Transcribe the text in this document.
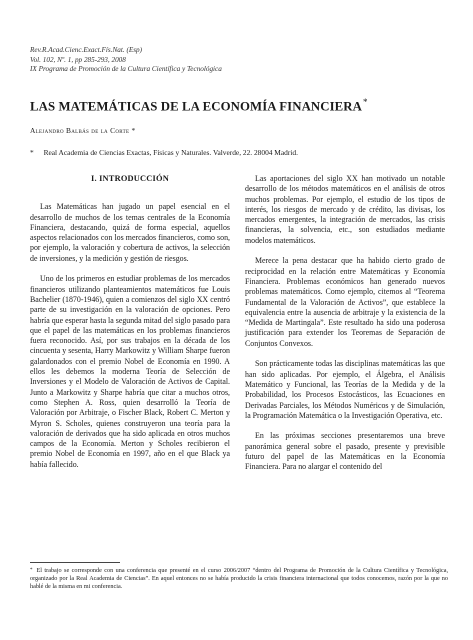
Rev.R.Acad.Cienc.Exact.Fís.Nat. (Esp)
Vol. 102, Nº. 1, pp 285-293, 2008
IX Programa de Promoción de la Cultura Científica y Tecnológica
LAS MATEMÁTICAS DE LA ECONOMÍA FINANCIERA*
Alejandro Balbás de la Corte *
* Real Academia de Ciencias Exactas, Físicas y Naturales. Valverde, 22. 28004 Madrid.
I. INTRODUCCIÓN

Las Matemáticas han jugado un papel esencial en el desarrollo de muchos de los temas centrales de la Economía Financiera, destacando, quizá de forma especial, aquellos aspectos relacionados con los mercados financieros, como son, por ejemplo, la valoración y cobertura de activos, la selección de inversiones, y la medición y gestión de riesgos.

Uno de los primeros en estudiar problemas de los mercados financieros utilizando planteamientos matemáticos fue Louis Bachelier (1870-1946), quien a comienzos del siglo XX centró parte de su investigación en la valoración de opciones. Pero habría que esperar hasta la segunda mitad del siglo pasado para que el papel de las matemáticas en los problemas financieros fuera reconocido. Así, por sus trabajos en la década de los cincuenta y sesenta, Harry Markowitz y William Sharpe fueron galardonados con el premio Nobel de Economía en 1990. A ellos les debemos la moderna Teoría de Selección de Inversiones y el Modelo de Valoración de Activos de Capital. Junto a Markowitz y Sharpe habría que citar a muchos otros, como Stephen A. Ross, quien desarrolló la Teoría de Valoración por Arbitraje, o Fischer Black, Robert C. Merton y Myron S. Scholes, quienes construyeron una teoría para la valoración de derivados que ha sido aplicada en otros muchos campos de la Economía. Merton y Scholes recibieron el premio Nobel de Economía en 1997, año en el que Black ya había fallecido.

Las aportaciones del siglo XX han motivado un notable desarrollo de los métodos matemáticos en el análisis de otros muchos problemas. Por ejemplo, el estudio de los tipos de interés, los riesgos de mercado y de crédito, las divisas, los mercados emergentes, la integración de mercados, las crisis financieras, la solvencia, etc., son estudiados mediante modelos matemáticos.

Merece la pena destacar que ha habido cierto grado de reciprocidad en la relación entre Matemáticas y Economía Financiera. Problemas económicos han generado nuevos problemas matemáticos. Como ejemplo, citemos al “Teorema Fundamental de la Valoración de Activos”, que establece la equivalencia entre la ausencia de arbitraje y la existencia de la “Medida de Martingala”. Este resultado ha sido una poderosa justificación para extender los Teoremas de Separación de Conjuntos Convexos.

Son prácticamente todas las disciplinas matemáticas las que han sido aplicadas. Por ejemplo, el Álgebra, el Análisis Matemático y Funcional, las Teorías de la Medida y de la Probabilidad, los Procesos Estocásticos, las Ecuaciones en Derivadas Parciales, los Métodos Numéricos y de Simulación, la Programación Matemática o la Investigación Operativa, etc.

En las próximas secciones presentaremos una breve panorámica general sobre el pasado, presente y previsible futuro del papel de las Matemáticas en la Economía Financiera. Para no alargar el contenido del

* El trabajo se corresponde con una conferencia que presenté en el curso 2006/2007 “dentro del Programa de Promoción de la Cultura Científica y Tecnológica, organizado por la Real Academia de Ciencias”. En aquel entonces no se había producido la crisis financiera internacional que todos conocemos, razón por la que no hablé de la misma en mi conferencia.
